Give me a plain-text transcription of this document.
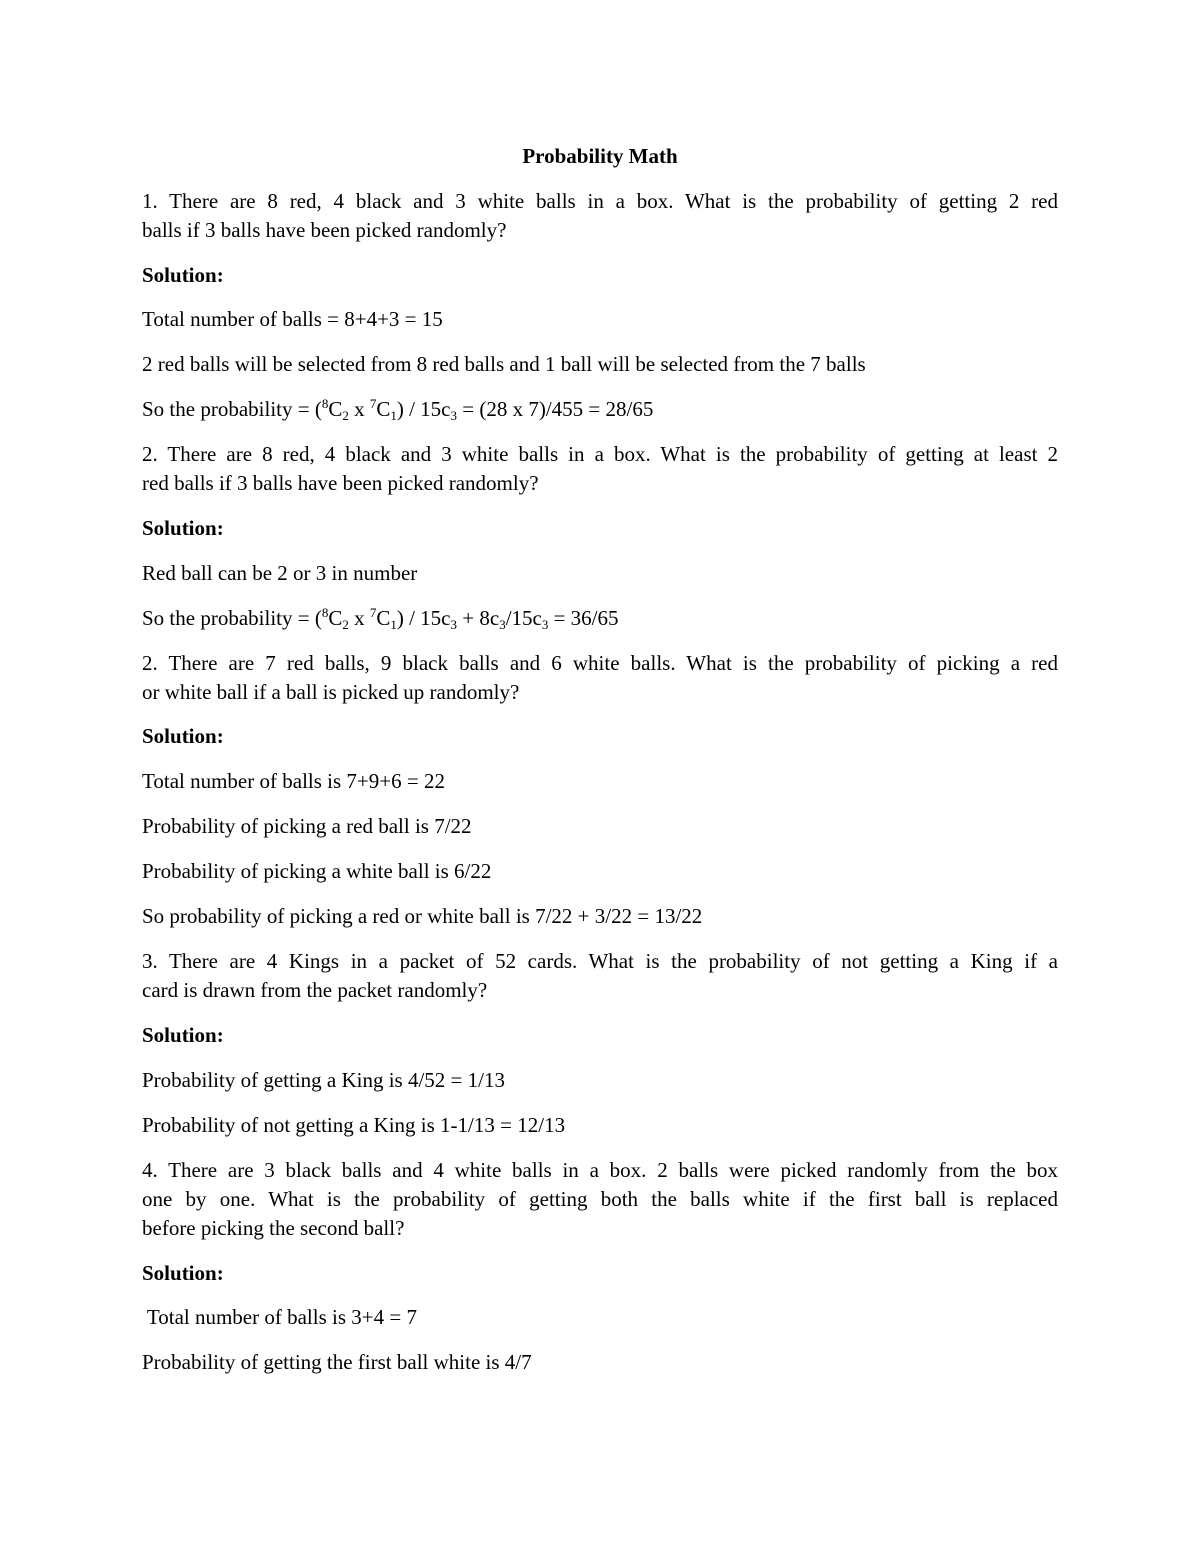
Probability Math

1. There are 8 red, 4 black and 3 white balls in a box. What is the probability of getting 2 red

balls if 3 balls have been picked randomly?

Solution:

Total number of balls = 8+4+3 = 15

2 red balls will be selected from 8 red balls and 1 ball will be selected from the 7 balls

So the probability = ($^8C_2$ x $^7C_1) / 15c_3 = (28$ x 7)/455 = 28/65

2. There are 8 red, 4 black and 3 white balls in a box. What is the probability of getting at least 2

red balls if 3 balls have been picked randomly?

Solution:

Red ball can be 2 or 3 in number

So the probability = ($^8C_2$ x $^7C_1) / 15c_3 + 8c_3/15c_3 = 36/65$

2. There are 7 red balls, 9 black balls and 6 white balls. What is the probability of picking a red

or white ball if a ball is picked up randomly?

Solution:

Total number of balls is 7+9+6 = 22

Probability of picking a red ball is 7/22

Probability of picking a white ball is 6/22

So probability of picking a red or white ball is 7/22 + 3/22 = 13/22

3. There are 4 Kings in a packet of 52 cards. What is the probability of not getting a King if a

card is drawn from the packet randomly?

Solution:

Probability of getting a King is 4/52 = 1/13

Probability of not getting a King is 1-1/13 = 12/13

4. There are 3 black balls and 4 white balls in a box. 2 balls were picked randomly from the box

one by one. What is the probability of getting both the balls white if the first ball is replaced

before picking the second ball?

Solution:

Total number of balls is 3+4 = 7

Probability of getting the first ball white is 4/7
